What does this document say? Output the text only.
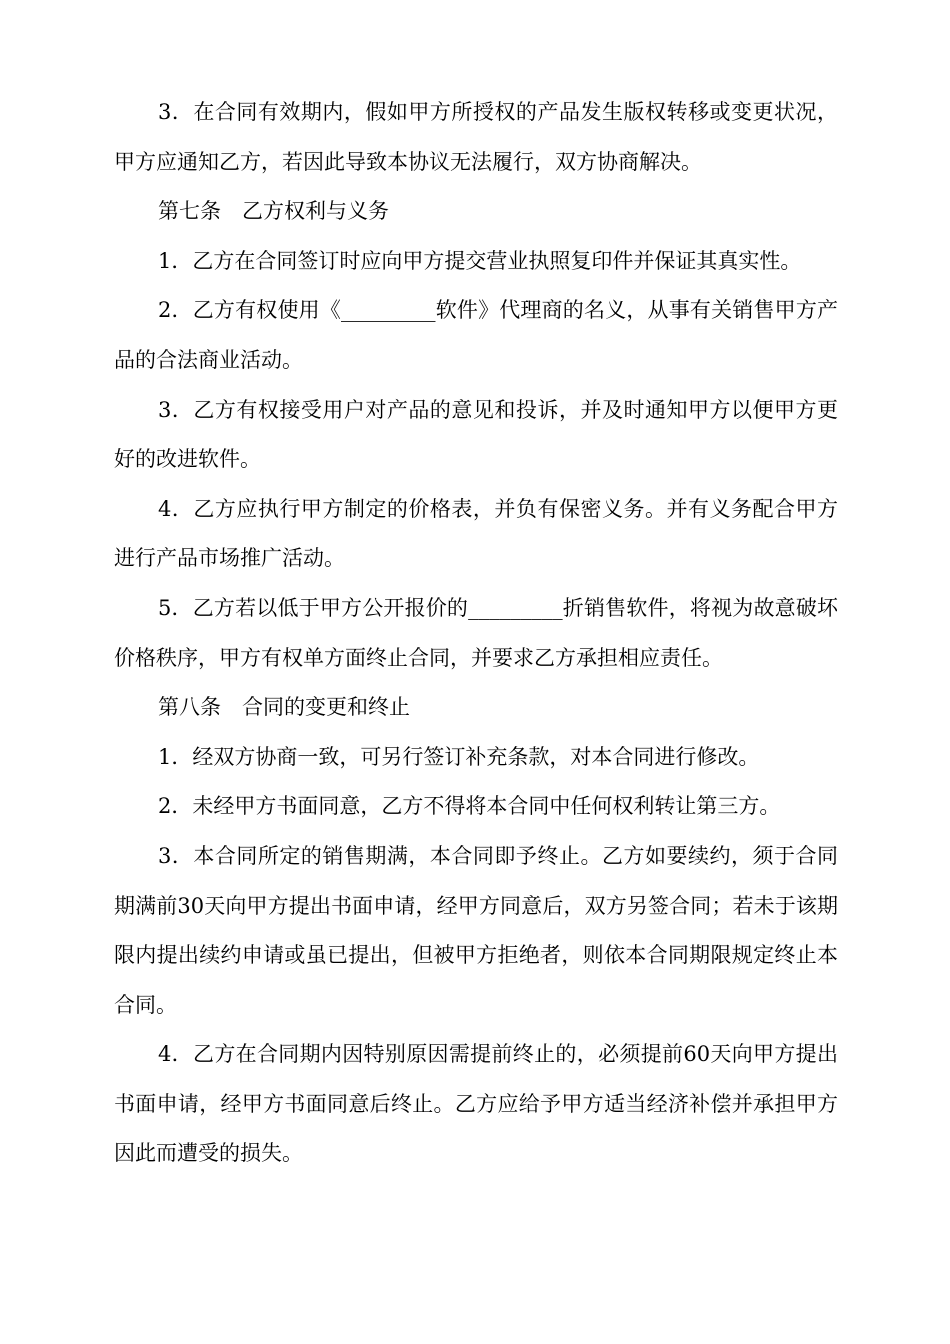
3．在合同有效期内，假如甲方所授权的产品发生版权转移或变更状况，甲方应通知乙方，若因此导致本协议无法履行，双方协商解决。

第七条　乙方权利与义务

1．乙方在合同签订时应向甲方提交营业执照复印件并保证其真实性。

2．乙方有权使用《_________软件》代理商的名义，从事有关销售甲方产品的合法商业活动。

3．乙方有权接受用户对产品的意见和投诉，并及时通知甲方以便甲方更好的改进软件。

4．乙方应执行甲方制定的价格表，并负有保密义务。并有义务配合甲方进行产品市场推广活动。

5．乙方若以低于甲方公开报价的_________折销售软件，将视为故意破坏价格秩序，甲方有权单方面终止合同，并要求乙方承担相应责任。

第八条　合同的变更和终止

1．经双方协商一致，可另行签订补充条款，对本合同进行修改。

2．未经甲方书面同意，乙方不得将本合同中任何权利转让第三方。

3．本合同所定的销售期满，本合同即予终止。乙方如要续约，须于合同期满前30天向甲方提出书面申请，经甲方同意后，双方另签合同；若未于该期限内提出续约申请或虽已提出，但被甲方拒绝者，则依本合同期限规定终止本合同。

4．乙方在合同期内因特别原因需提前终止的，必须提前60天向甲方提出书面申请，经甲方书面同意后终止。乙方应给予甲方适当经济补偿并承担甲方因此而遭受的损失。
